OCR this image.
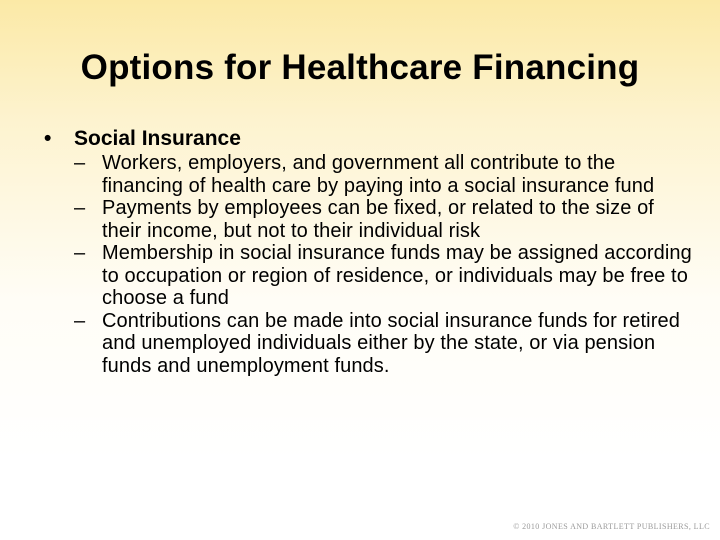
Options for Healthcare Financing
• Social Insurance
– Workers, employers, and government all contribute to the financing of health care by paying into a social insurance fund
– Payments by employees can be fixed, or related to the size of their income, but not to their individual risk
– Membership in social insurance funds may be assigned according to occupation or region of residence, or individuals may be free to choose a fund
– Contributions can be made into social insurance funds for retired and unemployed individuals either by the state, or via pension funds and unemployment funds.
© 2010 JONES AND BARTLETT PUBLISHERS, LLC
